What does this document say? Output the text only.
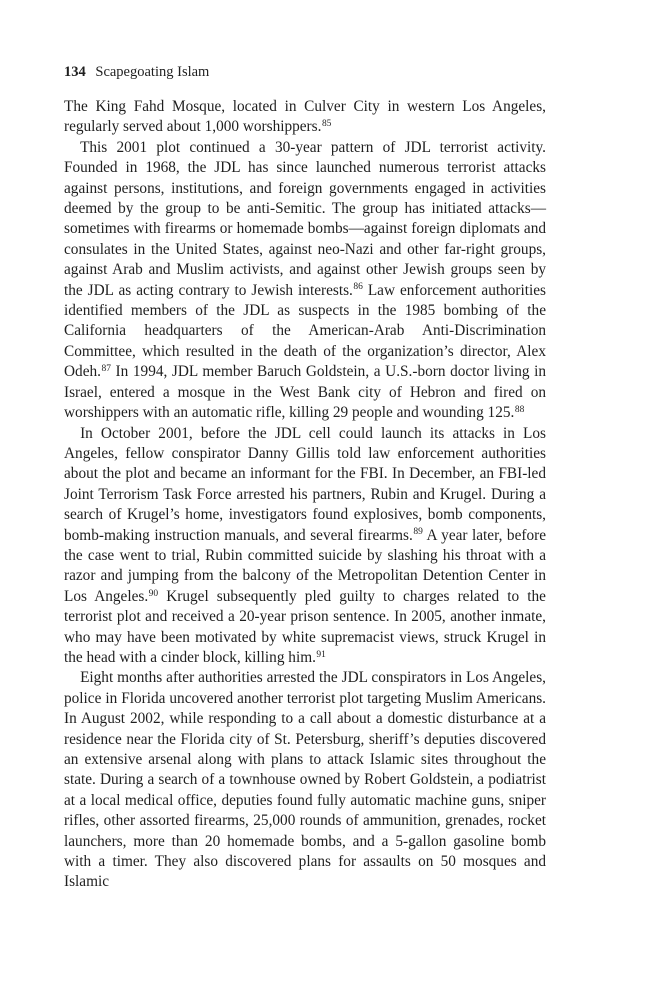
134 Scapegoating Islam

The King Fahd Mosque, located in Culver City in western Los Angeles, regularly served about 1,000 worshippers.$^{85}$

This 2001 plot continued a 30-year pattern of JDL terrorist activity. Founded in 1968, the JDL has since launched numerous terrorist attacks against persons, institutions, and foreign governments engaged in activities deemed by the group to be anti-Semitic. The group has initiated attacks—sometimes with firearms or homemade bombs—against foreign diplomats and consulates in the United States, against neo-Nazi and other far-right groups, against Arab and Muslim activists, and against other Jewish groups seen by the JDL as acting contrary to Jewish interests.$^{86}$ Law enforcement authorities identified members of the JDL as suspects in the 1985 bombing of the California headquarters of the American-Arab Anti-Discrimination Committee, which resulted in the death of the organization’s director, Alex Odeh.$^{87}$ In 1994, JDL member Baruch Goldstein, a U.S.-born doctor living in Israel, entered a mosque in the West Bank city of Hebron and fired on worshippers with an automatic rifle, killing 29 people and wounding 125.88

In October 2001, before the JDL cell could launch its attacks in Los Angeles, fellow conspirator Danny Gillis told law enforcement authorities about the plot and became an informant for the FBI. In December, an FBI-led Joint Terrorism Task Force arrested his partners, Rubin and Krugel. During a search of Krugel’s home, investigators found explosives, bomb components, bomb-making instruction manuals, and several firearms.$^{89}$ A year later, before the case went to trial, Rubin committed suicide by slashing his throat with a razor and jumping from the balcony of the Metropolitan Detention Center in Los Angeles.$^{90}$ Krugel subsequently pled guilty to charges related to the terrorist plot and received a 20-year prison sentence. In 2005, another inmate, who may have been motivated by white supremacist views, struck Krugel in the head with a cinder block, killing him.$^{91}$

Eight months after authorities arrested the JDL conspirators in Los Angeles, police in Florida uncovered another terrorist plot targeting Muslim Americans. In August 2002, while responding to a call about a domestic disturbance at a residence near the Florida city of St. Petersburg, sheriff’s deputies discovered an extensive arsenal along with plans to attack Islamic sites throughout the state. During a search of a townhouse owned by Robert Goldstein, a podiatrist at a local medical office, deputies found fully automatic machine guns, sniper rifles, other assorted firearms, 25,000 rounds of ammunition, grenades, rocket launchers, more than 20 homemade bombs, and a 5-gallon gasoline bomb with a timer. They also discovered plans for assaults on 50 mosques and Islamic
